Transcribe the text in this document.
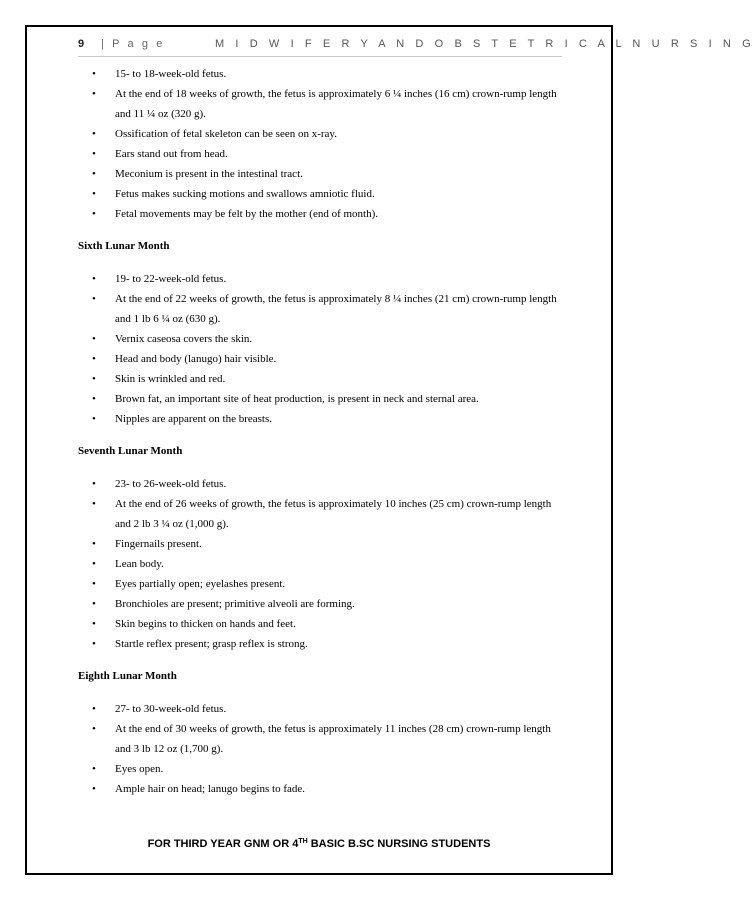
9 | P a g e	M I D W I F E R Y A N D O B S T E T R I C A L N U R S I N G
• 15- to 18-week-old fetus.
• At the end of 18 weeks of growth, the fetus is approximately 6 ¼ inches (16 cm) crown-rump length and 11 ¼ oz (320 g).
• Ossification of fetal skeleton can be seen on x-ray.
• Ears stand out from head.
• Meconium is present in the intestinal tract.
• Fetus makes sucking motions and swallows amniotic fluid.
• Fetal movements may be felt by the mother (end of month).

Sixth Lunar Month

• 19- to 22-week-old fetus.
• At the end of 22 weeks of growth, the fetus is approximately 8 ¼ inches (21 cm) crown-rump length and 1 lb 6 ¼ oz (630 g).
• Vernix caseosa covers the skin.
• Head and body (lanugo) hair visible.
• Skin is wrinkled and red.
• Brown fat, an important site of heat production, is present in neck and sternal area.
• Nipples are apparent on the breasts.

Seventh Lunar Month

• 23- to 26-week-old fetus.
• At the end of 26 weeks of growth, the fetus is approximately 10 inches (25 cm) crown-rump length and 2 lb 3 ¼ oz (1,000 g).
• Fingernails present.
• Lean body.
• Eyes partially open; eyelashes present.
• Bronchioles are present; primitive alveoli are forming.
• Skin begins to thicken on hands and feet.
• Startle reflex present; grasp reflex is strong.

Eighth Lunar Month

• 27- to 30-week-old fetus.
• At the end of 30 weeks of growth, the fetus is approximately 11 inches (28 cm) crown-rump length and 3 lb 12 oz (1,700 g).
• Eyes open.
• Ample hair on head; lanugo begins to fade.
FOR THIRD YEAR GNM OR 4TH BASIC B.SC NURSING STUDENTS
